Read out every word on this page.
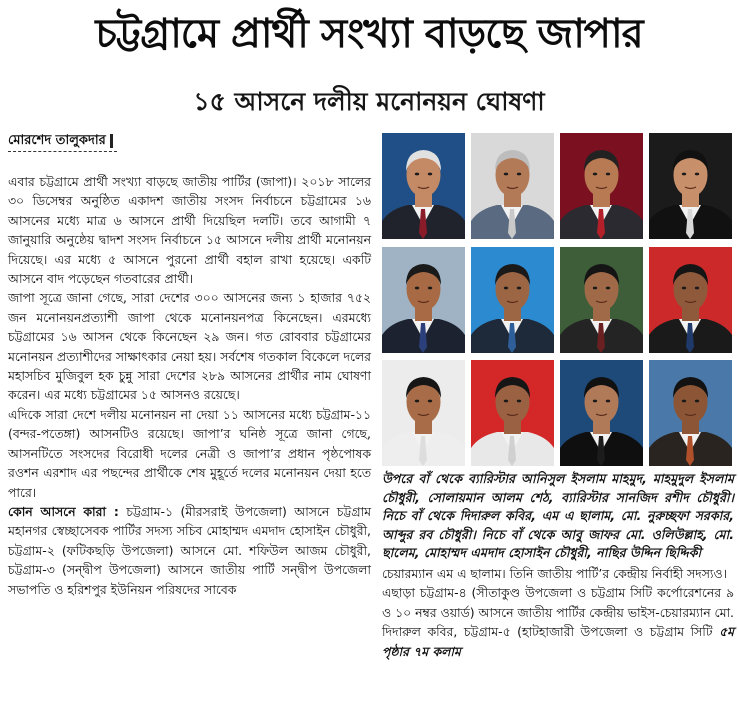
চট্টগ্রামে প্রার্থী সংখ্যা বাড়ছে জাপার
১৫ আসনে দলীয় মনোনয়ন ঘোষণা
মোরশেদ তালুকদার

এবার চট্টগ্রামে প্রার্থী সংখ্যা বাড়ছে জাতীয় পার্টির (জাপা)। ২০১৮ সালের ৩০ ডিসেম্বর অনুষ্ঠিত একাদশ জাতীয় সংসদ নির্বাচনে চট্টগ্রামের ১৬ আসনের মধ্যে মাত্র ৬ আসনে প্রার্থী দিয়েছিল দলটি। তবে আগামী ৭ জানুয়ারি অনুষ্ঠেয় দ্বাদশ সংসদ নির্বাচনে ১৫ আসনে দলীয় প্রার্থী মনোনয়ন দিয়েছে। এর মধ্যে ৫ আসনে পুরনো প্রার্থী বহাল রাখা হয়েছে। একটি আসনে বাদ পড়েছেন গতবারের প্রার্থী।

জাপা সূত্রে জানা গেছে, সারা দেশের ৩০০ আসনের জন্য ১ হাজার ৭৫২ জন মনোনয়নপ্রত্যাশী জাপা থেকে মনোনয়নপত্র কিনেছেন। এরমধ্যে চট্টগ্রামের ১৬ আসন থেকে কিনেছেন ২৯ জন। গত রোববার চট্টগ্রামের মনোনয়ন প্রত্যাশীদের সাক্ষাৎকার নেয়া হয়। সর্বশেষ গতকাল বিকেলে দলের মহাসচিব মুজিবুল হক চুন্নু সারা দেশের ২৮৯ আসনের প্রার্থীর নাম ঘোষণা করেন। এর মধ্যে চট্টগ্রামের ১৫ আসনও রয়েছে।

এদিকে সারা দেশে দলীয় মনোনয়ন না দেয়া ১১ আসনের মধ্যে চট্টগ্রাম-১১ (বন্দর-পতেঙ্গা) আসনটিও রয়েছে। জাপা’র ঘনিষ্ঠ সূত্রে জানা গেছে, আসনটিতে সংসদের বিরোধী দলের নেত্রী ও জাপা’র প্রধান পৃষ্ঠপোষক রওশন এরশাদ এর পছন্দের প্রার্থীকে শেষ মুহূর্তে দলের মনোনয়ন দেয়া হতে পারে।

কোন আসনে কারা : চট্টগ্রাম-১ (মীরসরাই উপজেলা) আসনে চট্টগ্রাম মহানগর স্বেচ্ছাসেবক পার্টির সদস্য সচিব মোহাম্মদ এমদাদ হোসাইন চৌধুরী, চট্টগ্রাম-২ (ফটিকছড়ি উপজেলা) আসনে মো. শফিউল আজম চৌধুরী, চট্টগ্রাম-৩ (সন্দ্বীপ উপজেলা) আসনে জাতীয় পার্টি সন্দ্বীপ উপজেলা সভাপতি ও হরিশপুর ইউনিয়ন পরিষদের সাবেক

উপরে বাঁ থেকে ব্যারিস্টার আনিসুল ইসলাম মাহমুদ, মাহমুদুল ইসলাম চৌধুরী, সোলায়মান আলম শেঠ, ব্যারিস্টার সানজিদ রশীদ চৌধুরী। নিচে বাঁ থেকে দিদারুল কবির, এম এ ছালাম, মো. নুরুচ্ছফা সরকার, আব্দুর রব চৌধুরী। নিচে বাঁ থেকে আবু জাফর মো. ওলিউল্লাহ, মো. ছালেম, মোহাম্মদ এমদাদ হোসাইন চৌধুরী, নাছির উদ্দিন ছিদ্দিকী

চেয়ারম্যান এম এ ছালাম। তিনি জাতীয় পার্টি’র কেন্দ্রীয় নির্বাহী সদস্যও।

এছাড়া চট্টগ্রাম-৪ (সীতাকুণ্ড উপজেলা ও চট্টগ্রাম সিটি কর্পোরেশনের ৯ ও ১০ নম্বর ওয়ার্ড) আসনে জাতীয় পার্টির কেন্দ্রীয় ভাইস-চেয়ারম্যান মো. দিদারুল কবির, চট্টগ্রাম-৫ (হাটহাজারী উপজেলা ও চট্টগ্রাম সিটি ৫ম পৃষ্ঠার ৭ম কলাম
